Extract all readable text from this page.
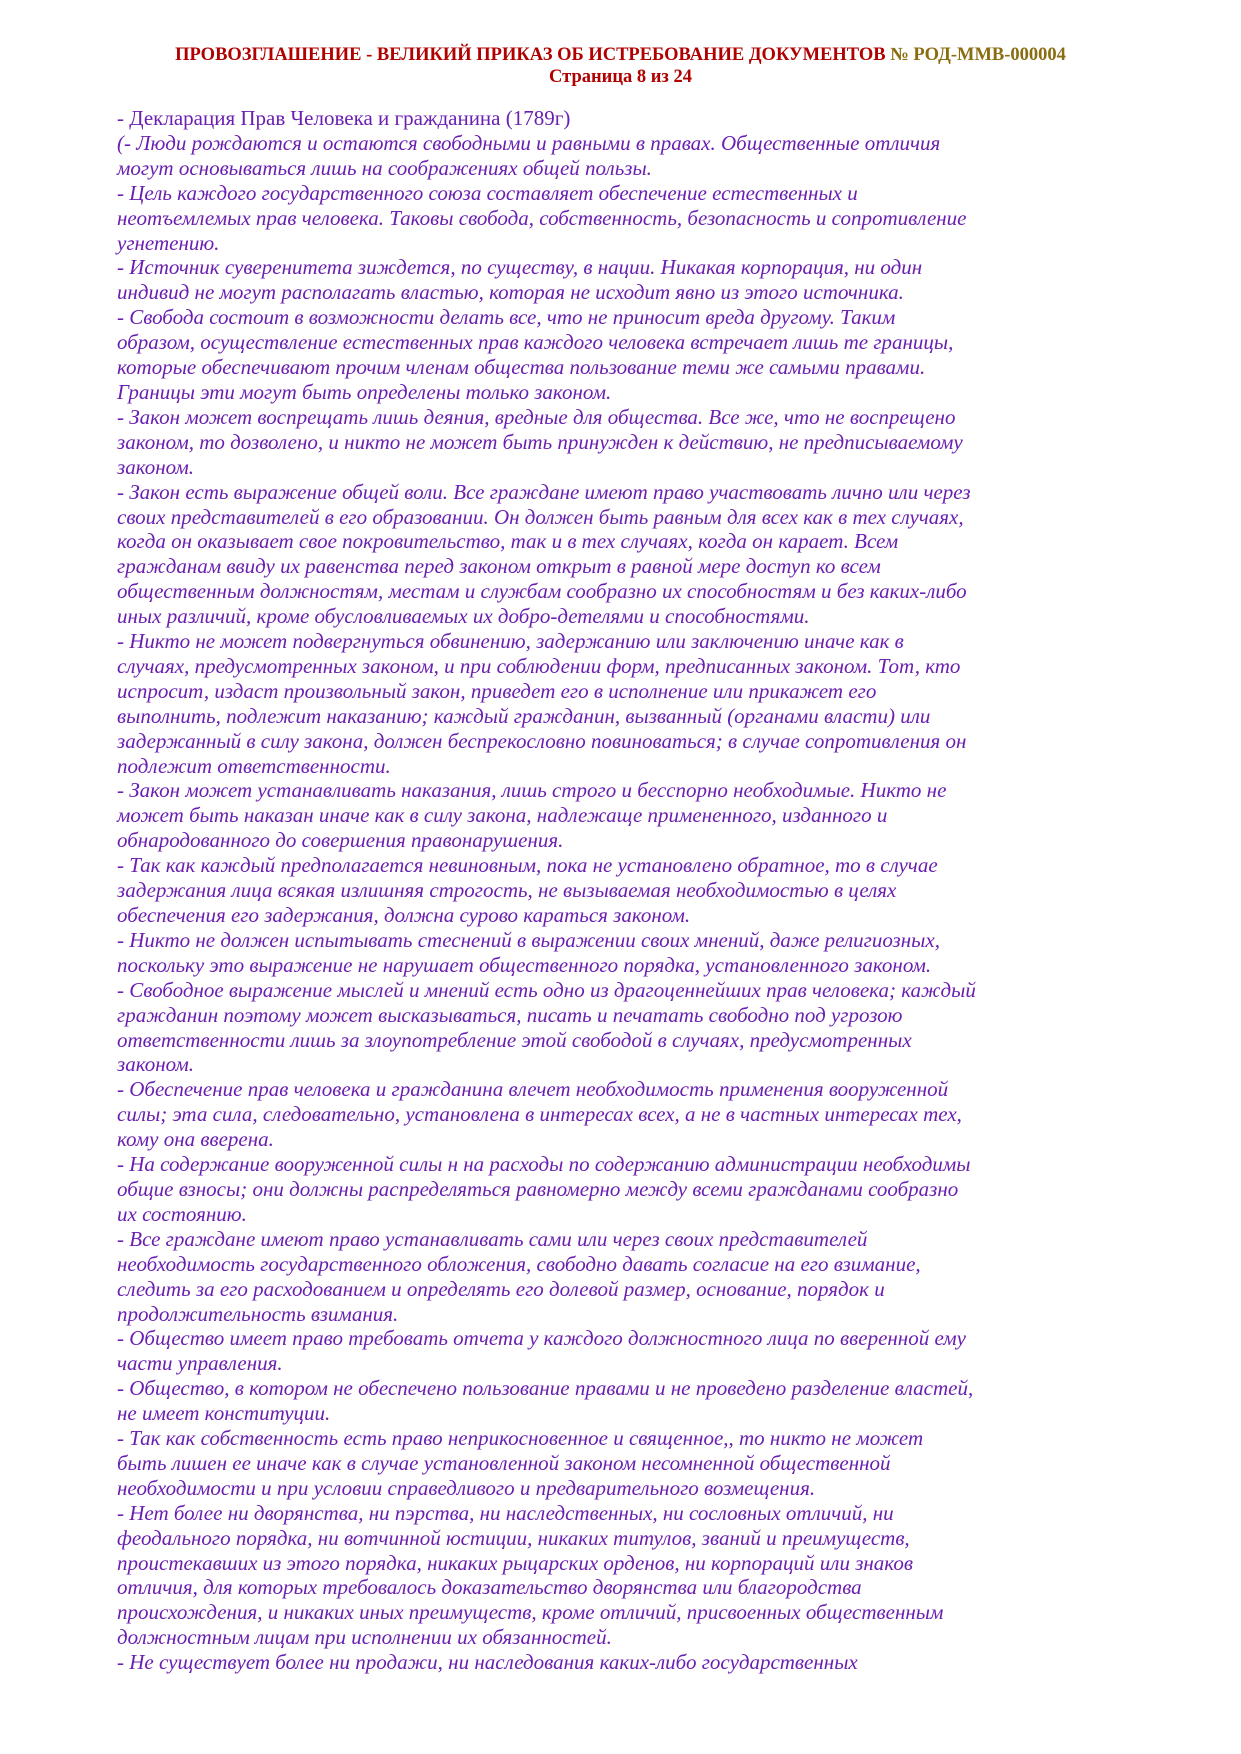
ПРОВОЗГЛАШЕНИЕ - ВЕЛИКИЙ ПРИКАЗ ОБ ИСТРЕБОВАНИЕ ДОКУМЕНТОВ № РОД-ММВ-000004
Страница 8 из 24
- Декларация Прав Человека и гражданина (1789г)
(- Люди рождаются и остаются свободными и равными в правах. Общественные отличия
могут основываться лишь на соображениях общей пользы.
- Цель каждого государственного союза составляет обеспечение естественных и
неотъемлемых прав человека. Таковы свобода, собственность, безопасность и сопротивление
угнетению.
- Источник суверенитета зиждется, по существу, в нации. Никакая корпорация, ни один
индивид не могут располагать властью, которая не исходит явно из этого источника.
- Свобода состоит в возможности делать все, что не приносит вреда другому. Таким
образом, осуществление естественных прав каждого человека встречает лишь те границы,
которые обеспечивают прочим членам общества пользование теми же самыми правами.
Границы эти могут быть определены только законом.
- Закон может воспрещать лишь деяния, вредные для общества. Все же, что не воспрещено
законом, то дозволено, и никто не может быть принужден к действию, не предписываемому
законом.
- Закон есть выражение общей воли. Все граждане имеют право участвовать лично или через
своих представителей в его образовании. Он должен быть равным для всех как в тех случаях,
когда он оказывает свое покровительство, так и в тех случаях, когда он карает. Всем
гражданам ввиду их равенства перед законом открыт в равной мере доступ ко всем
общественным должностям, местам и службам сообразно их способностям и без каких-либо
иных различий, кроме обусловливаемых их добро-детелями и способностями.
- Никто не может подвергнуться обвинению, задержанию или заключению иначе как в
случаях, предусмотренных законом, и при соблюдении форм, предписанных законом. Тот, кто
испросит, издаст произвольный закон, приведет его в исполнение или прикажет его
выполнить, подлежит наказанию; каждый гражданин, вызванный (органами власти) или
задержанный в силу закона, должен беспрекословно повиноваться; в случае сопротивления он
подлежит ответственности.
- Закон может устанавливать наказания, лишь строго и бесспорно необходимые. Никто не
может быть наказан иначе как в силу закона, надлежаще примененного, изданного и
обнародованного до совершения правонарушения.
- Так как каждый предполагается невиновным, пока не установлено обратное, то в случае
задержания лица всякая излишняя строгость, не вызываемая необходимостью в целях
обеспечения его задержания, должна сурово караться законом.
- Никто не должен испытывать стеснений в выражении своих мнений, даже религиозных,
поскольку это выражение не нарушает общественного порядка, установленного законом.
- Свободное выражение мыслей и мнений есть одно из драгоценнейших прав человека; каждый
гражданин поэтому может высказываться, писать и печатать свободно под угрозою
ответственности лишь за злоупотребление этой свободой в случаях, предусмотренных
законом.
- Обеспечение прав человека и гражданина влечет необходимость применения вооруженной
силы; эта сила, следовательно, установлена в интересах всех, а не в частных интересах тех,
кому она вверена.
- На содержание вооруженной силы н на расходы по содержанию администрации необходимы
общие взносы; они должны распределяться равномерно между всеми гражданами сообразно
их состоянию.
- Все граждане имеют право устанавливать сами или через своих представителей
необходимость государственного обложения, свободно давать согласие на его взимание,
следить за его расходованием и определять его долевой размер, основание, порядок и
продолжительность взимания.
- Общество имеет право требовать отчета у каждого должностного лица по вверенной ему
части управления.
- Общество, в котором не обеспечено пользование правами и не проведено разделение властей,
не имеет конституции.
- Так как собственность есть право неприкосновенное и священное,, то никто не может
быть лишен ее иначе как в случае установленной законом несомненной общественной
необходимости и при условии справедливого и предварительного возмещения.
- Нет более ни дворянства, ни пэрства, ни наследственных, ни сословных отличий, ни
феодального порядка, ни вотчинной юстиции, никаких титулов, званий и преимуществ,
проистекавших из этого порядка, никаких рыцарских орденов, ни корпораций или знаков
отличия, для которых требовалось доказательство дворянства или благородства
происхождения, и никаких иных преимуществ, кроме отличий, присвоенных общественным
должностным лицам при исполнении их обязанностей.
- Не существует более ни продажи, ни наследования каких-либо государственных
